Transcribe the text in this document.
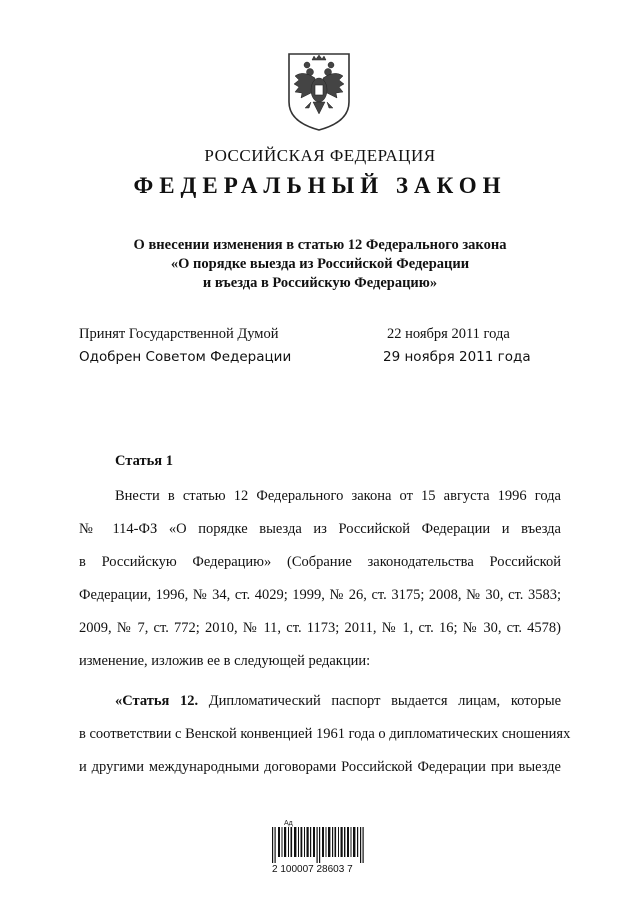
РОССИЙСКАЯ ФЕДЕРАЦИЯ
ФЕДЕРАЛЬНЫЙ ЗАКОН
О внесении изменения в статью 12 Федерального закона
«О порядке выезда из Российской Федерации
и въезда в Российскую Федерацию»
Принят Государственной Думой	22 ноября 2011 года
Одобрен Советом Федерации	29 ноября 2011 года
Статья 1
Внести в статью 12 Федерального закона от 15 августа 1996 года
№ 114-ФЗ «О порядке выезда из Российской Федерации и въезда
в Российскую Федерацию» (Собрание законодательства Российской
Федерации, 1996, № 34, ст. 4029; 1999, № 26, ст. 3175; 2008, № 30, ст. 3583;
2009, № 7, ст. 772; 2010, № 11, ст. 1173; 2011, № 1, ст. 16; № 30, ст. 4578)
изменение, изложив ее в следующей редакции:
«Статья 12. Дипломатический паспорт выдается лицам, которые
в соответствии с Венской конвенцией 1961 года о дипломатических сношениях
и другими международными договорами Российской Федерации при выезде
Ад
2 100007 28603 7
